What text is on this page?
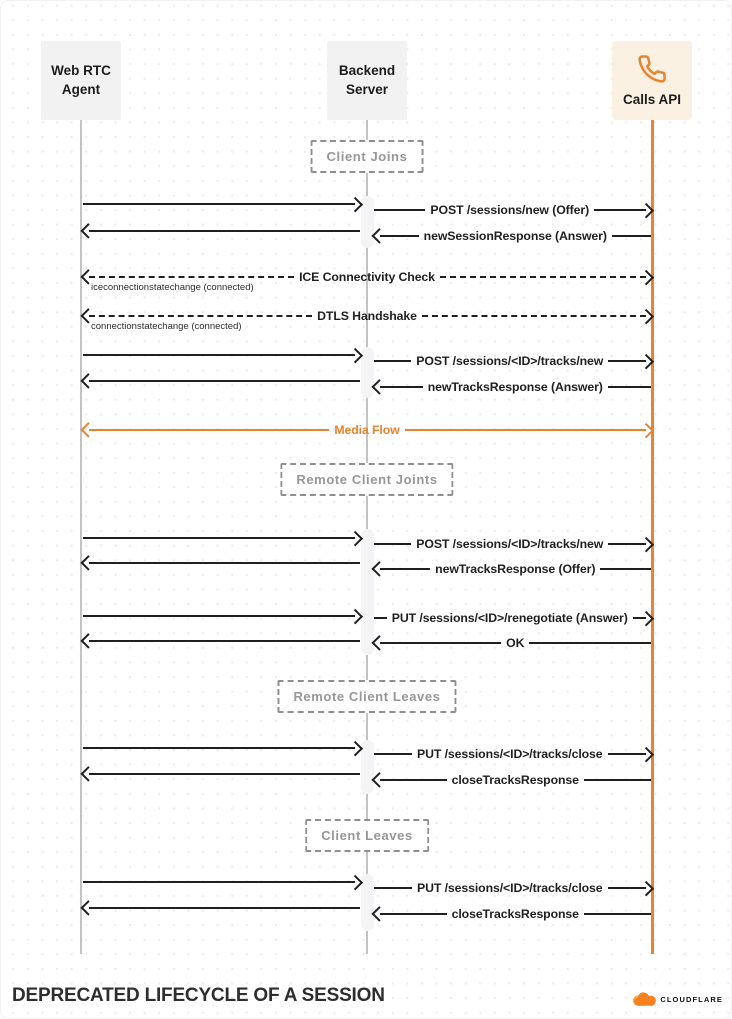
Web RTC Agent
Backend Server
Calls API
POST /sessions/new (Offer)
newSessionResponse (Answer)
ICE Connectivity Check
iceconnectionstatechange (connected)
DTLS Handshake
connectionstatechange (connected)
POST /sessions/<ID>/tracks/new
newTracksResponse (Answer)
Media Flow
POST /sessions/<ID>/tracks/new
newTracksResponse (Offer)
PUT /sessions/<ID>/renegotiate (Answer)
OK
PUT /sessions/<ID>/tracks/close
closeTracksResponse
PUT /sessions/<ID>/tracks/close
closeTracksResponse
Client Joins
Remote Client Joints
Remote Client Leaves
Client Leaves
DEPRECATED LIFECYCLE OF A SESSION	CLOUDFLARE
